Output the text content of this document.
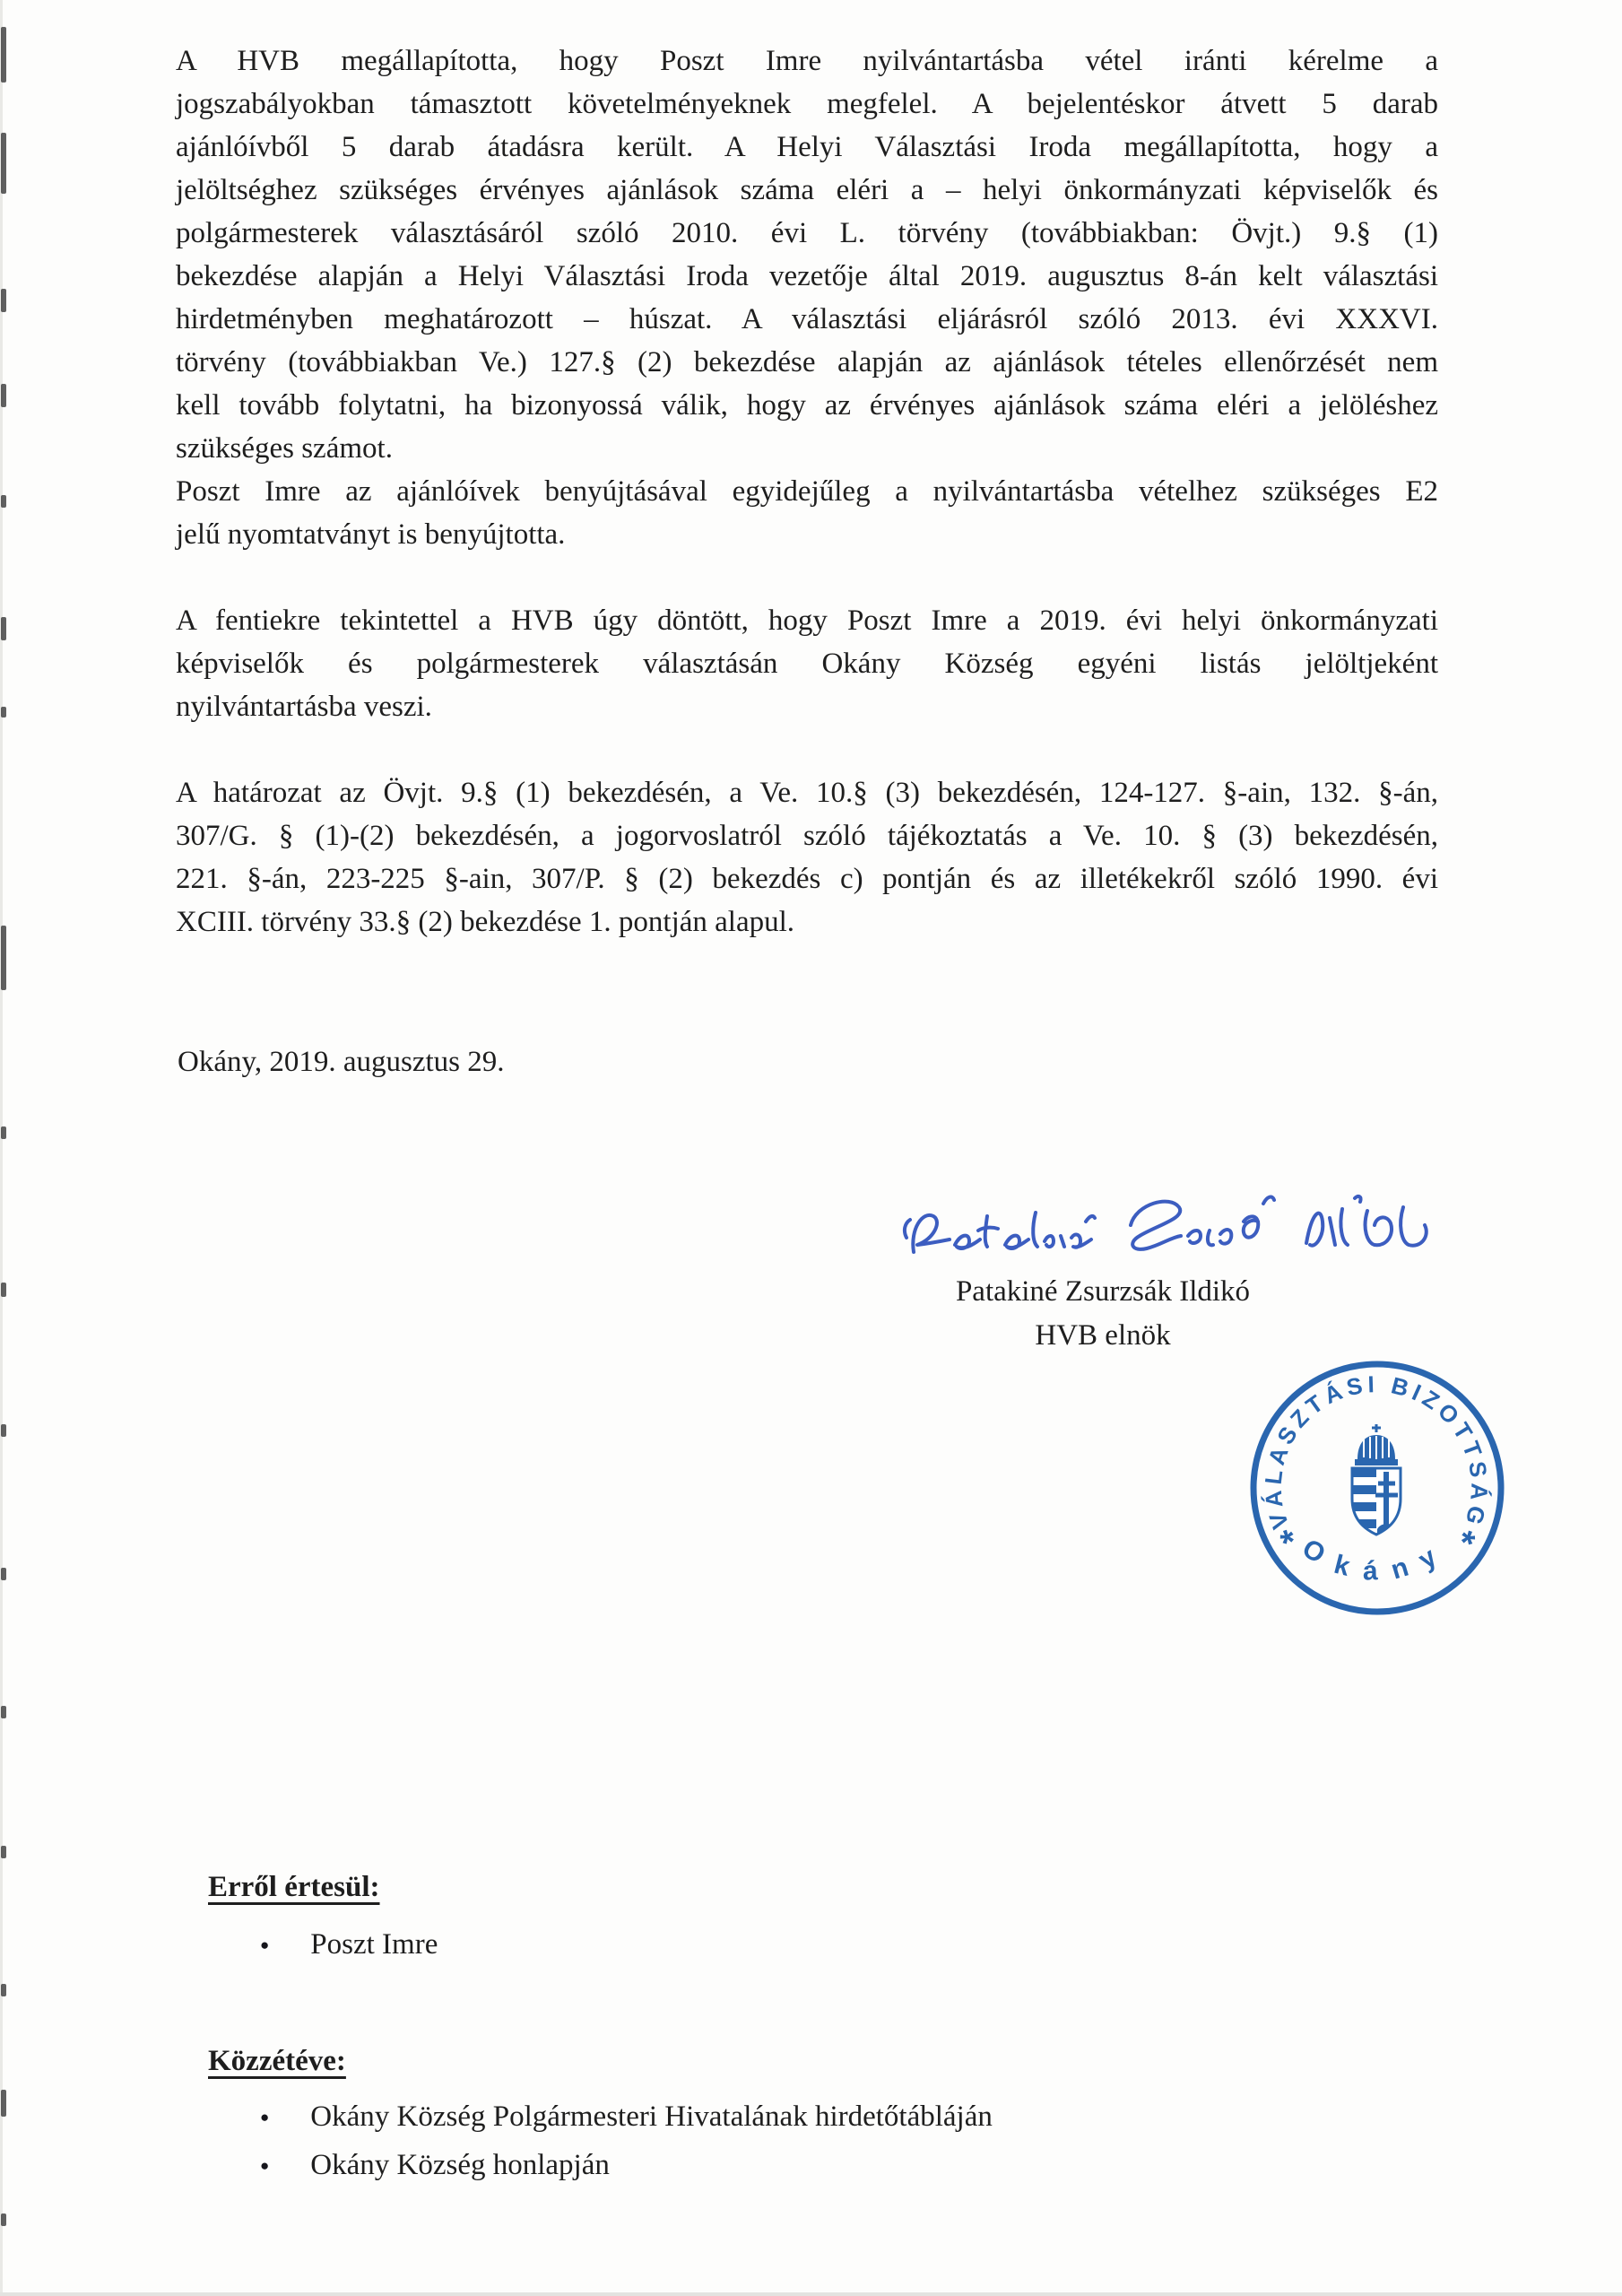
A HVB megállapította, hogy Poszt Imre nyilvántartásba vétel iránti kérelme a
jogszabályokban támasztott követelményeknek megfelel. A bejelentéskor átvett 5 darab
ajánlóívből 5 darab átadásra került. A Helyi Választási Iroda megállapította, hogy a
jelöltséghez szükséges érvényes ajánlások száma eléri a – helyi önkormányzati képviselők és
polgármesterek választásáról szóló 2010. évi L. törvény (továbbiakban: Övjt.) 9.§ (1)
bekezdése alapján a Helyi Választási Iroda vezetője által 2019. augusztus 8-án kelt választási
hirdetményben meghatározott – húszat. A választási eljárásról szóló 2013. évi XXXVI.
törvény (továbbiakban Ve.) 127.§ (2) bekezdése alapján az ajánlások tételes ellenőrzését nem
kell tovább folytatni, ha bizonyossá válik, hogy az érvényes ajánlások száma eléri a jelöléshez
szükséges számot.
Poszt Imre az ajánlóívek benyújtásával egyidejűleg a nyilvántartásba vételhez szükséges E2
jelű nyomtatványt is benyújtotta.
A fentiekre tekintettel a HVB úgy döntött, hogy Poszt Imre a 2019. évi helyi önkormányzati
képviselők és polgármesterek választásán Okány Község egyéni listás jelöltjeként
nyilvántartásba veszi.
A határozat az Övjt. 9.§ (1) bekezdésén, a Ve. 10.§ (3) bekezdésén, 124-127. §-ain, 132. §-án,
307/G. § (1)-(2) bekezdésén, a jogorvoslatról szóló tájékoztatás a Ve. 10. § (3) bekezdésén,
221. §-án, 223-225 §-ain, 307/P. § (2) bekezdés c) pontján és az illetékekről szóló 1990. évi
XCIII. törvény 33.§ (2) bekezdése 1. pontján alapul.
Okány, 2019. augusztus 29.
Patakiné Zsurzsák Ildikó
HVB elnök
VÁLASZTÁSI BIZOTTSÁG
Okány
*	*
Erről értesül:
● Poszt Imre
Közzétéve:
● Okány Község Polgármesteri Hivatalának hirdetőtábláján
● Okány Község honlapján
